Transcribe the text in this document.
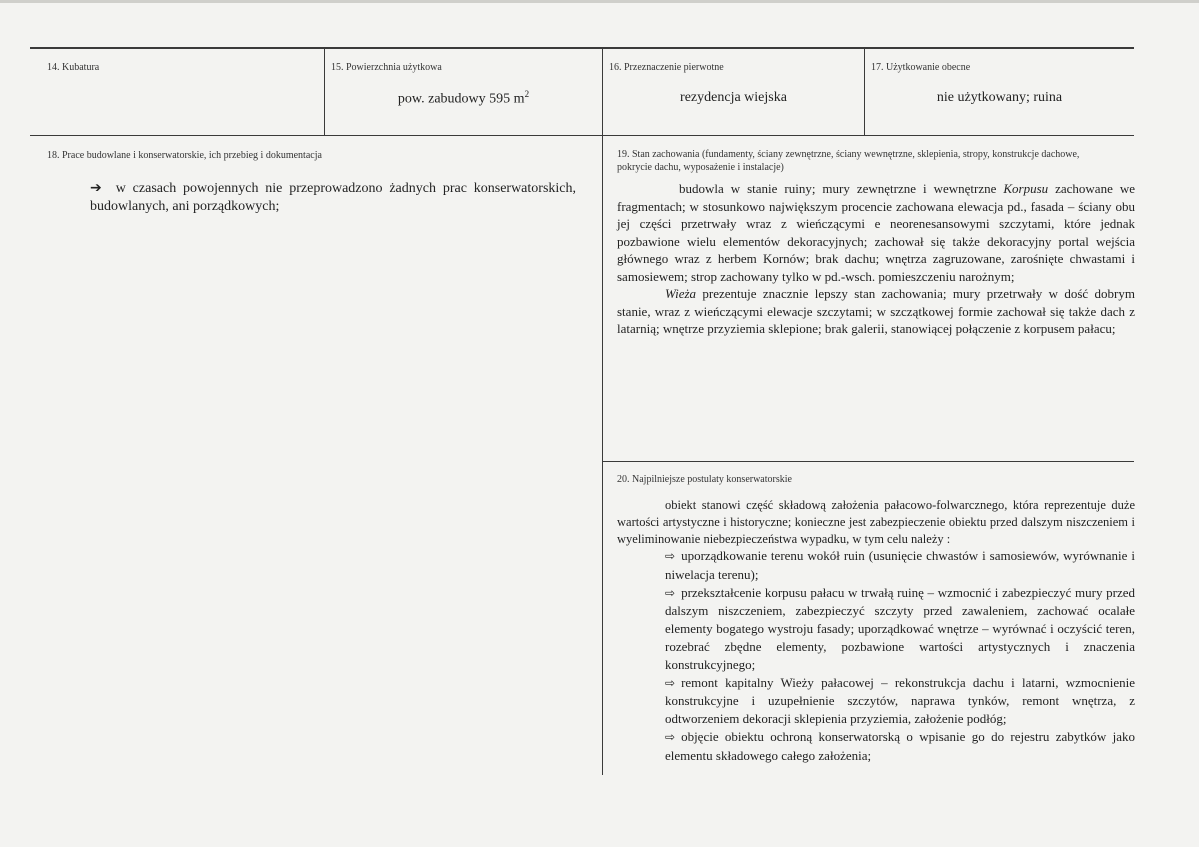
14. Kubatura	15. Powierzchnia użytkowa
pow. zabudowy 595 $m^2$
16. Przeznaczenie pierwotne
rezydencja wiejska
17. Użytkowanie obecne
nie użytkowany; ruina
18. Prace budowlane i konserwatorskie, ich przebieg i dokumentacja
➔ w czasach powojennych nie przeprowadzono żadnych prac konserwatorskich, budowlanych, ani porządkowych;
19. Stan zachowania (fundamenty, ściany zewnętrzne, ściany wewnętrzne, sklepienia, stropy, konstrukcje dachowe,
pokrycie dachu, wyposażenie i instalacje)

budowla w stanie ruiny; mury zewnętrzne i wewnętrzne Korpusu zachowane we fragmentach; w stosunkowo największym procencie zachowana elewacja pd., fasada – ściany obu jej części przetrwały wraz z wieńczącymi e neorenesansowymi szczytami, które jednak pozbawione wielu elementów dekoracyjnych; zachował się także dekoracyjny portal wejścia głównego wraz z herbem Kornów; brak dachu; wnętrza zagruzowane, zarośnięte chwastami i samosiewem; strop zachowany tylko w pd.-wsch. pomieszczeniu narożnym;

Wieża prezentuje znacznie lepszy stan zachowania; mury przetrwały w dość dobrym stanie, wraz z wieńczącymi elewacje szczytami; w szczątkowej formie zachował się także dach z latarnią; wnętrze przyziemia sklepione; brak galerii, stanowiącej połączenie z korpusem pałacu;

20. Najpilniejsze postulaty konserwatorskie

obiekt stanowi część składową założenia pałacowo-folwarcznego, która reprezentuje duże wartości artystyczne i historyczne; konieczne jest zabezpieczenie obiektu przed dalszym niszczeniem i wyeliminowanie niebezpieczeństwa wypadku, w tym celu należy :

⇨ uporządkowanie terenu wokół ruin (usunięcie chwastów i samosiewów, wyrównanie i niwelacja terenu);

⇨ przekształcenie korpusu pałacu w trwałą ruinę – wzmocnić i zabezpieczyć mury przed dalszym niszczeniem, zabezpieczyć szczyty przed zawaleniem, zachować ocalałe elementy bogatego wystroju fasady; uporządkować wnętrze – wyrównać i oczyścić teren, rozebrać zbędne elementy, pozbawione wartości artystycznych i znaczenia konstrukcyjnego;

⇨ remont kapitalny Wieży pałacowej – rekonstrukcja dachu i latarni, wzmocnienie konstrukcyjne i uzupełnienie szczytów, naprawa tynków, remont wnętrza, z odtworzeniem dekoracji sklepienia przyziemia, założenie podłóg;

⇨ objęcie obiektu ochroną konserwatorską o wpisanie go do rejestru zabytków jako elementu składowego całego założenia;
